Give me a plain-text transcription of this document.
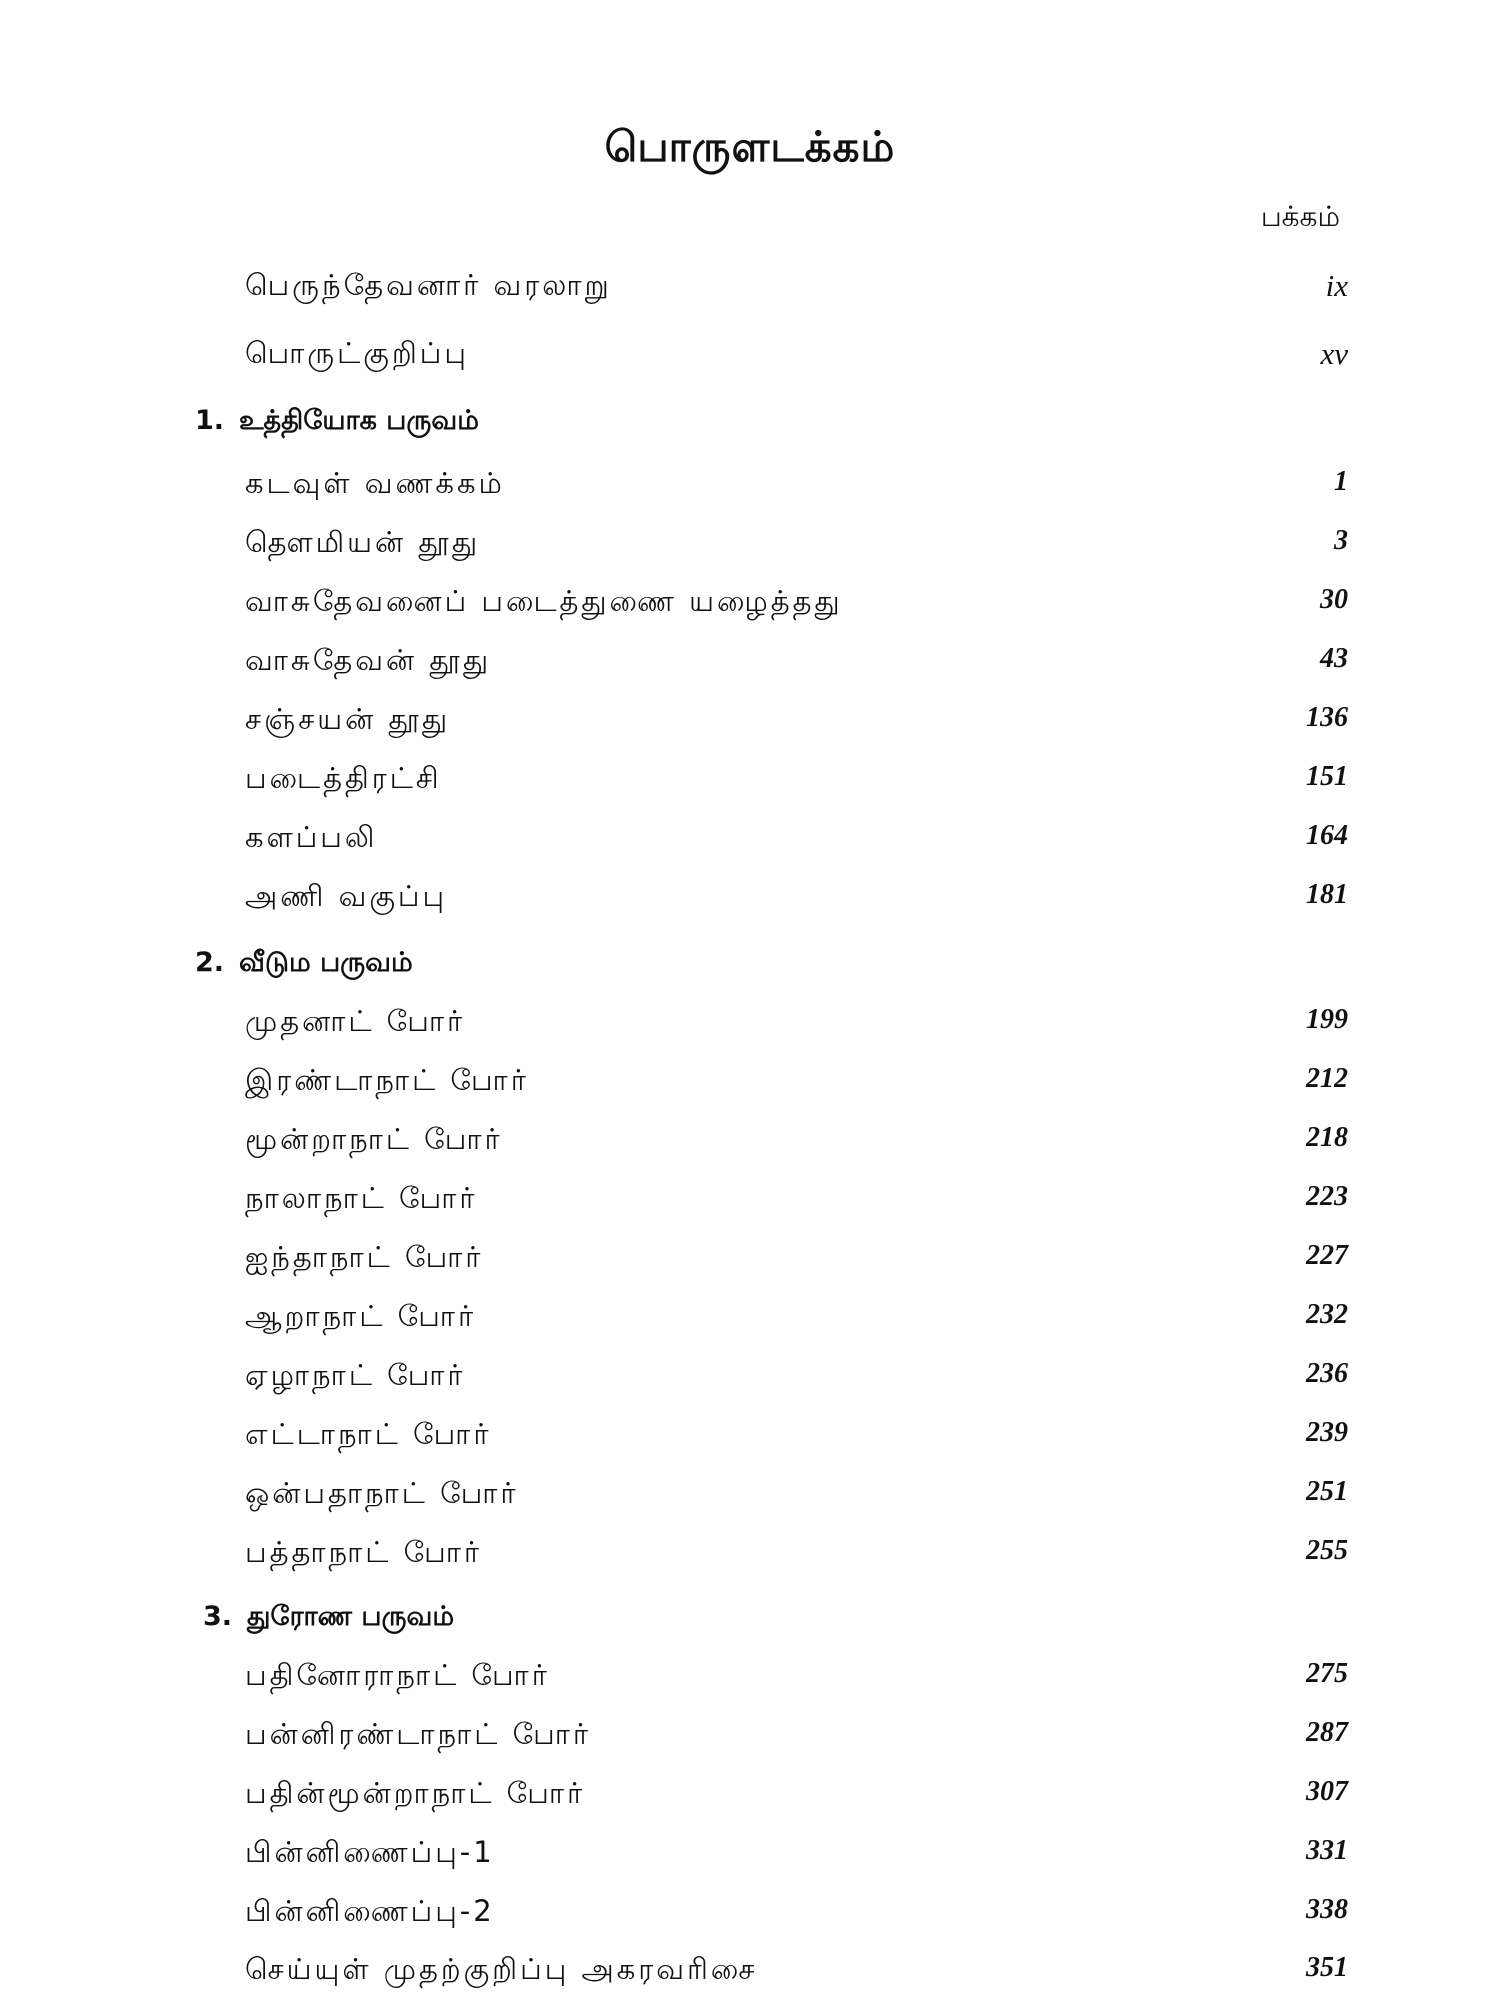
பொருளடக்கம்
பக்கம்
பெருந்தேவனார் வரலாறு	ix
பொருட்குறிப்பு	xv
1. உத்தியோக பருவம்
கடவுள் வணக்கம்	1
தௌமியன் தூது	3
வாசுதேவனைப் படைத்துணை யழைத்தது	30
வாசுதேவன் தூது	43
சஞ்சயன் தூது	136
படைத்திரட்சி	151
களப்பலி	164
அணி வகுப்பு	181
2. வீடும பருவம்
முதனாட் போர்	199
இரண்டாநாட் போர்	212
மூன்றாநாட் போர்	218
நாலாநாட் போர்	223
ஐந்தாநாட் போர்	227
ஆறாநாட் போர்	232
ஏழாநாட் போர்	236
எட்டாநாட் போர்	239
ஒன்பதாநாட் போர்	251
பத்தாநாட் போர்	255
3. துரோண பருவம்
பதினோராநாட் போர்	275
பன்னிரண்டாநாட் போர்	287
பதின்மூன்றாநாட் போர்	307
பின்னிணைப்பு-1	331
பின்னிணைப்பு-2	338
செய்யுள் முதற்குறிப்பு அகரவரிசை	351
